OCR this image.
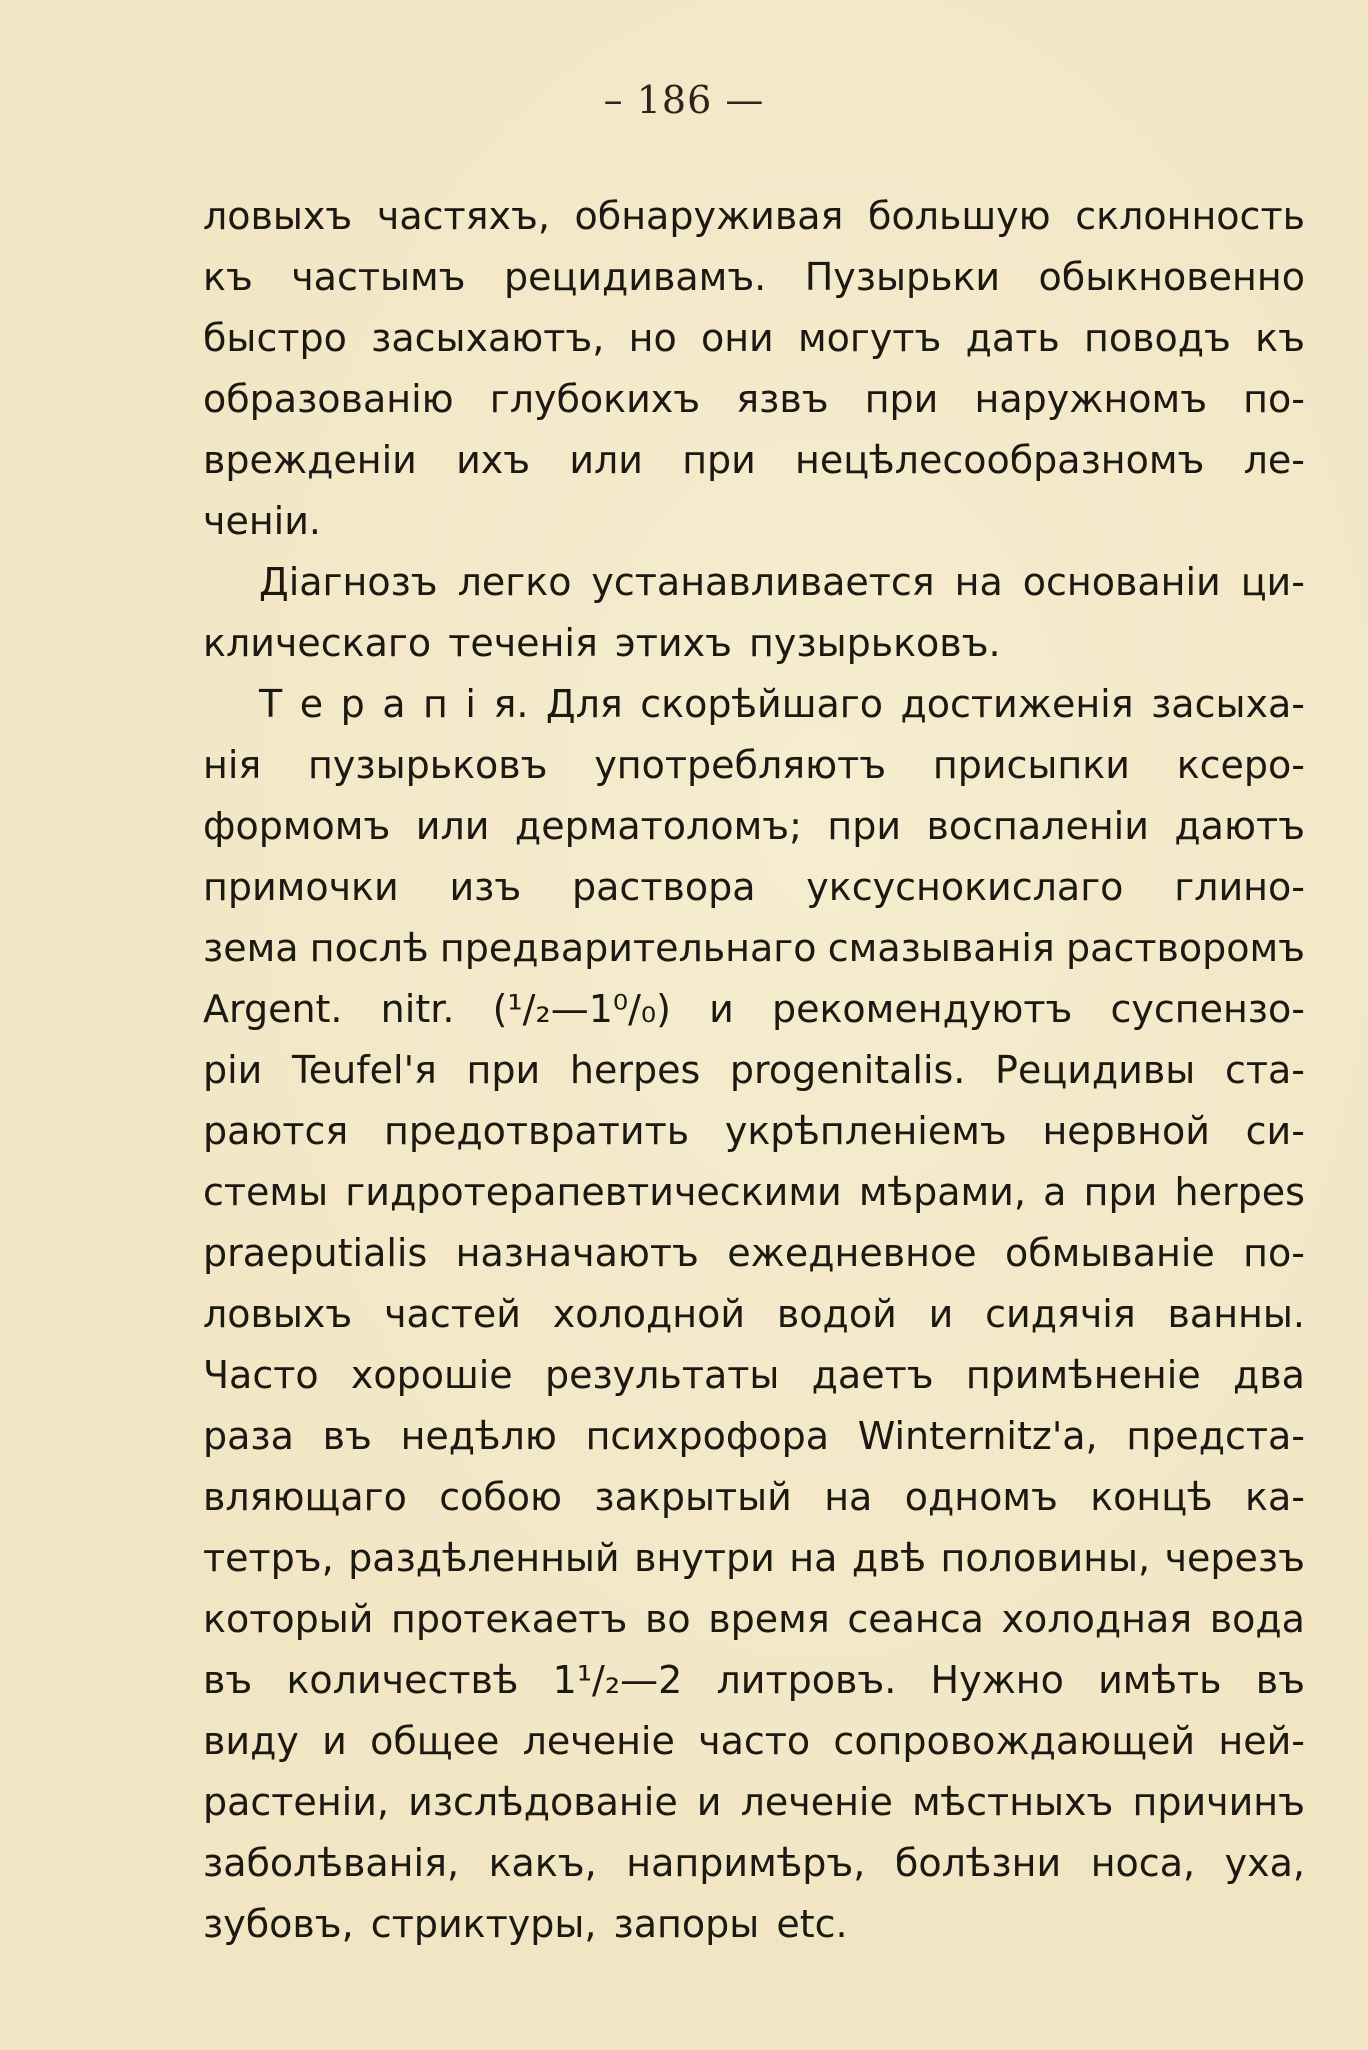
– 186 —
ловыхъ частяхъ, обнаруживая большую склонность
къ частымъ рецидивамъ. Пузырьки обыкновенно
быстро засыхаютъ, но они могутъ дать поводъ къ
образованію глубокихъ язвъ при наружномъ по-
врежденіи ихъ или при нецѣлесообразномъ ле-
ченіи.
Діагнозъ легко устанавливается на основаніи ци-
клическаго теченія этихъ пузырьковъ.
Т е р а п і я. Для скорѣйшаго достиженія засыха-
нія пузырьковъ употребляютъ присыпки ксеро-
формомъ или дерматоломъ; при воспаленіи даютъ
примочки изъ раствора уксуснокислаго глино-
зема послѣ предварительнаго смазыванія растворомъ
Argent. nitr. (¹/₂—1⁰/₀) и рекомендуютъ суспензо-
ріи Teufel'я при herpes progenitalis. Рецидивы ста-
раются предотвратить укрѣпленіемъ нервной си-
стемы гидротерапевтическими мѣрами, а при herpes
praeputialis назначаютъ ежедневное обмываніе по-
ловыхъ частей холодной водой и сидячія ванны.
Часто хорошіе результаты даетъ примѣненіе два
раза въ недѣлю психрофора Winternitz'а, предста-
вляющаго собою закрытый на одномъ концѣ ка-
тетръ, раздѣленный внутри на двѣ половины, черезъ
который протекаетъ во время сеанса холодная вода
въ количествѣ 1¹/₂—2 литровъ. Нужно имѣть въ
виду и общее леченіе часто сопровождающей ней-
растеніи, изслѣдованіе и леченіе мѣстныхъ причинъ
заболѣванія, какъ, напримѣръ, болѣзни носа, уха,
зубовъ, стриктуры, запоры etc.
